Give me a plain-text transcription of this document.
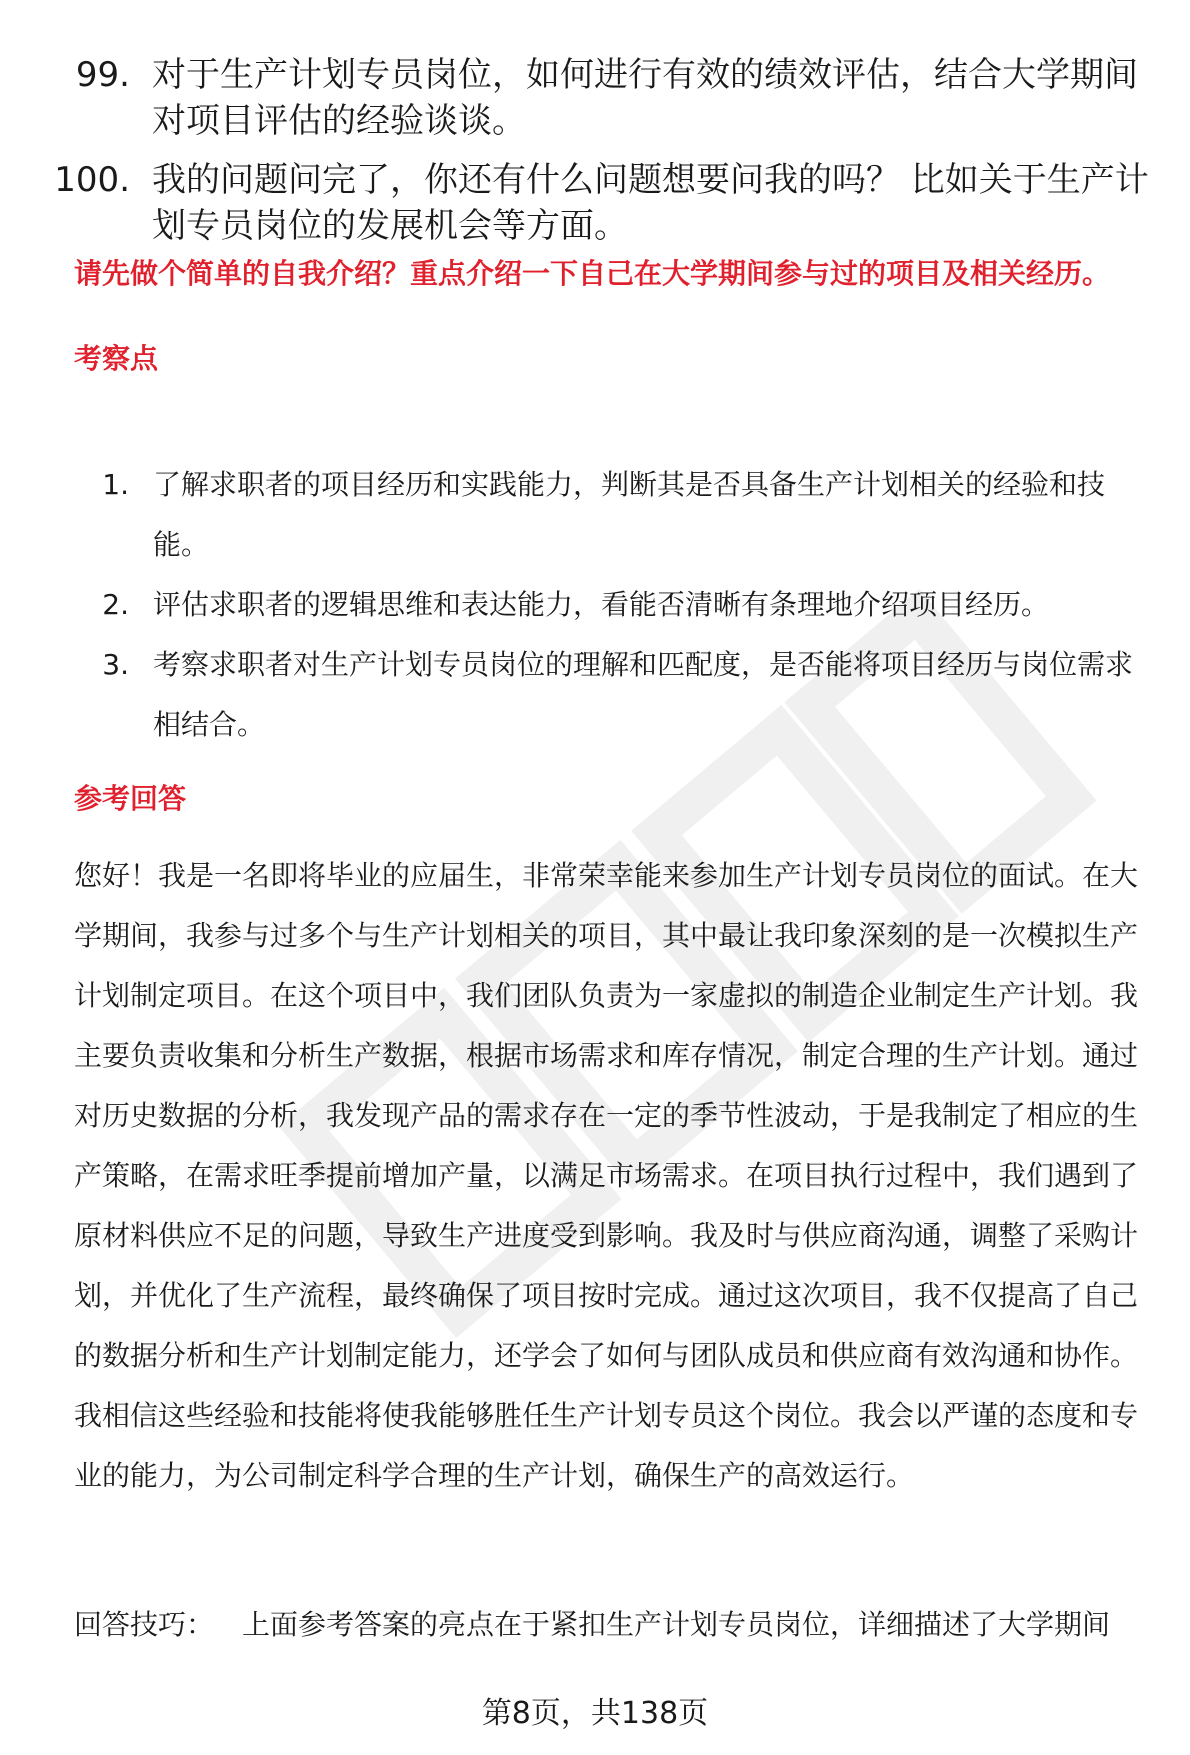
99. 对于生产计划专员岗位，如何进行有效的绩效评估，结合大学期间对项目评估的经验谈谈。
100. 我的问题问完了，你还有什么问题想要问我的吗？ 比如关于生产计划专员岗位的发展机会等方面。
请先做个简单的自我介绍？重点介绍一下自己在大学期间参与过的项目及相关经历。
考察点
1. 了解求职者的项目经历和实践能力，判断其是否具备生产计划相关的经验和技能。
2. 评估求职者的逻辑思维和表达能力，看能否清晰有条理地介绍项目经历。
3. 考察求职者对生产计划专员岗位的理解和匹配度，是否能将项目经历与岗位需求相结合。
参考回答
您好！我是一名即将毕业的应届生，非常荣幸能来参加生产计划专员岗位的面试。在大学期间，我参与过多个与生产计划相关的项目，其中最让我印象深刻的是一次模拟生产计划制定项目。在这个项目中，我们团队负责为一家虚拟的制造企业制定生产计划。我主要负责收集和分析生产数据，根据市场需求和库存情况，制定合理的生产计划。通过对历史数据的分析，我发现产品的需求存在一定的季节性波动，于是我制定了相应的生产策略，在需求旺季提前增加产量，以满足市场需求。在项目执行过程中，我们遇到了原材料供应不足的问题，导致生产进度受到影响。我及时与供应商沟通，调整了采购计划，并优化了生产流程，最终确保了项目按时完成。通过这次项目，我不仅提高了自己的数据分析和生产计划制定能力，还学会了如何与团队成员和供应商有效沟通和协作。我相信这些经验和技能将使我能够胜任生产计划专员这个岗位。我会以严谨的态度和专业的能力，为公司制定科学合理的生产计划，确保生产的高效运行。
回答技巧： 上面参考答案的亮点在于紧扣生产计划专员岗位，详细描述了大学期间
第8页，共138页
